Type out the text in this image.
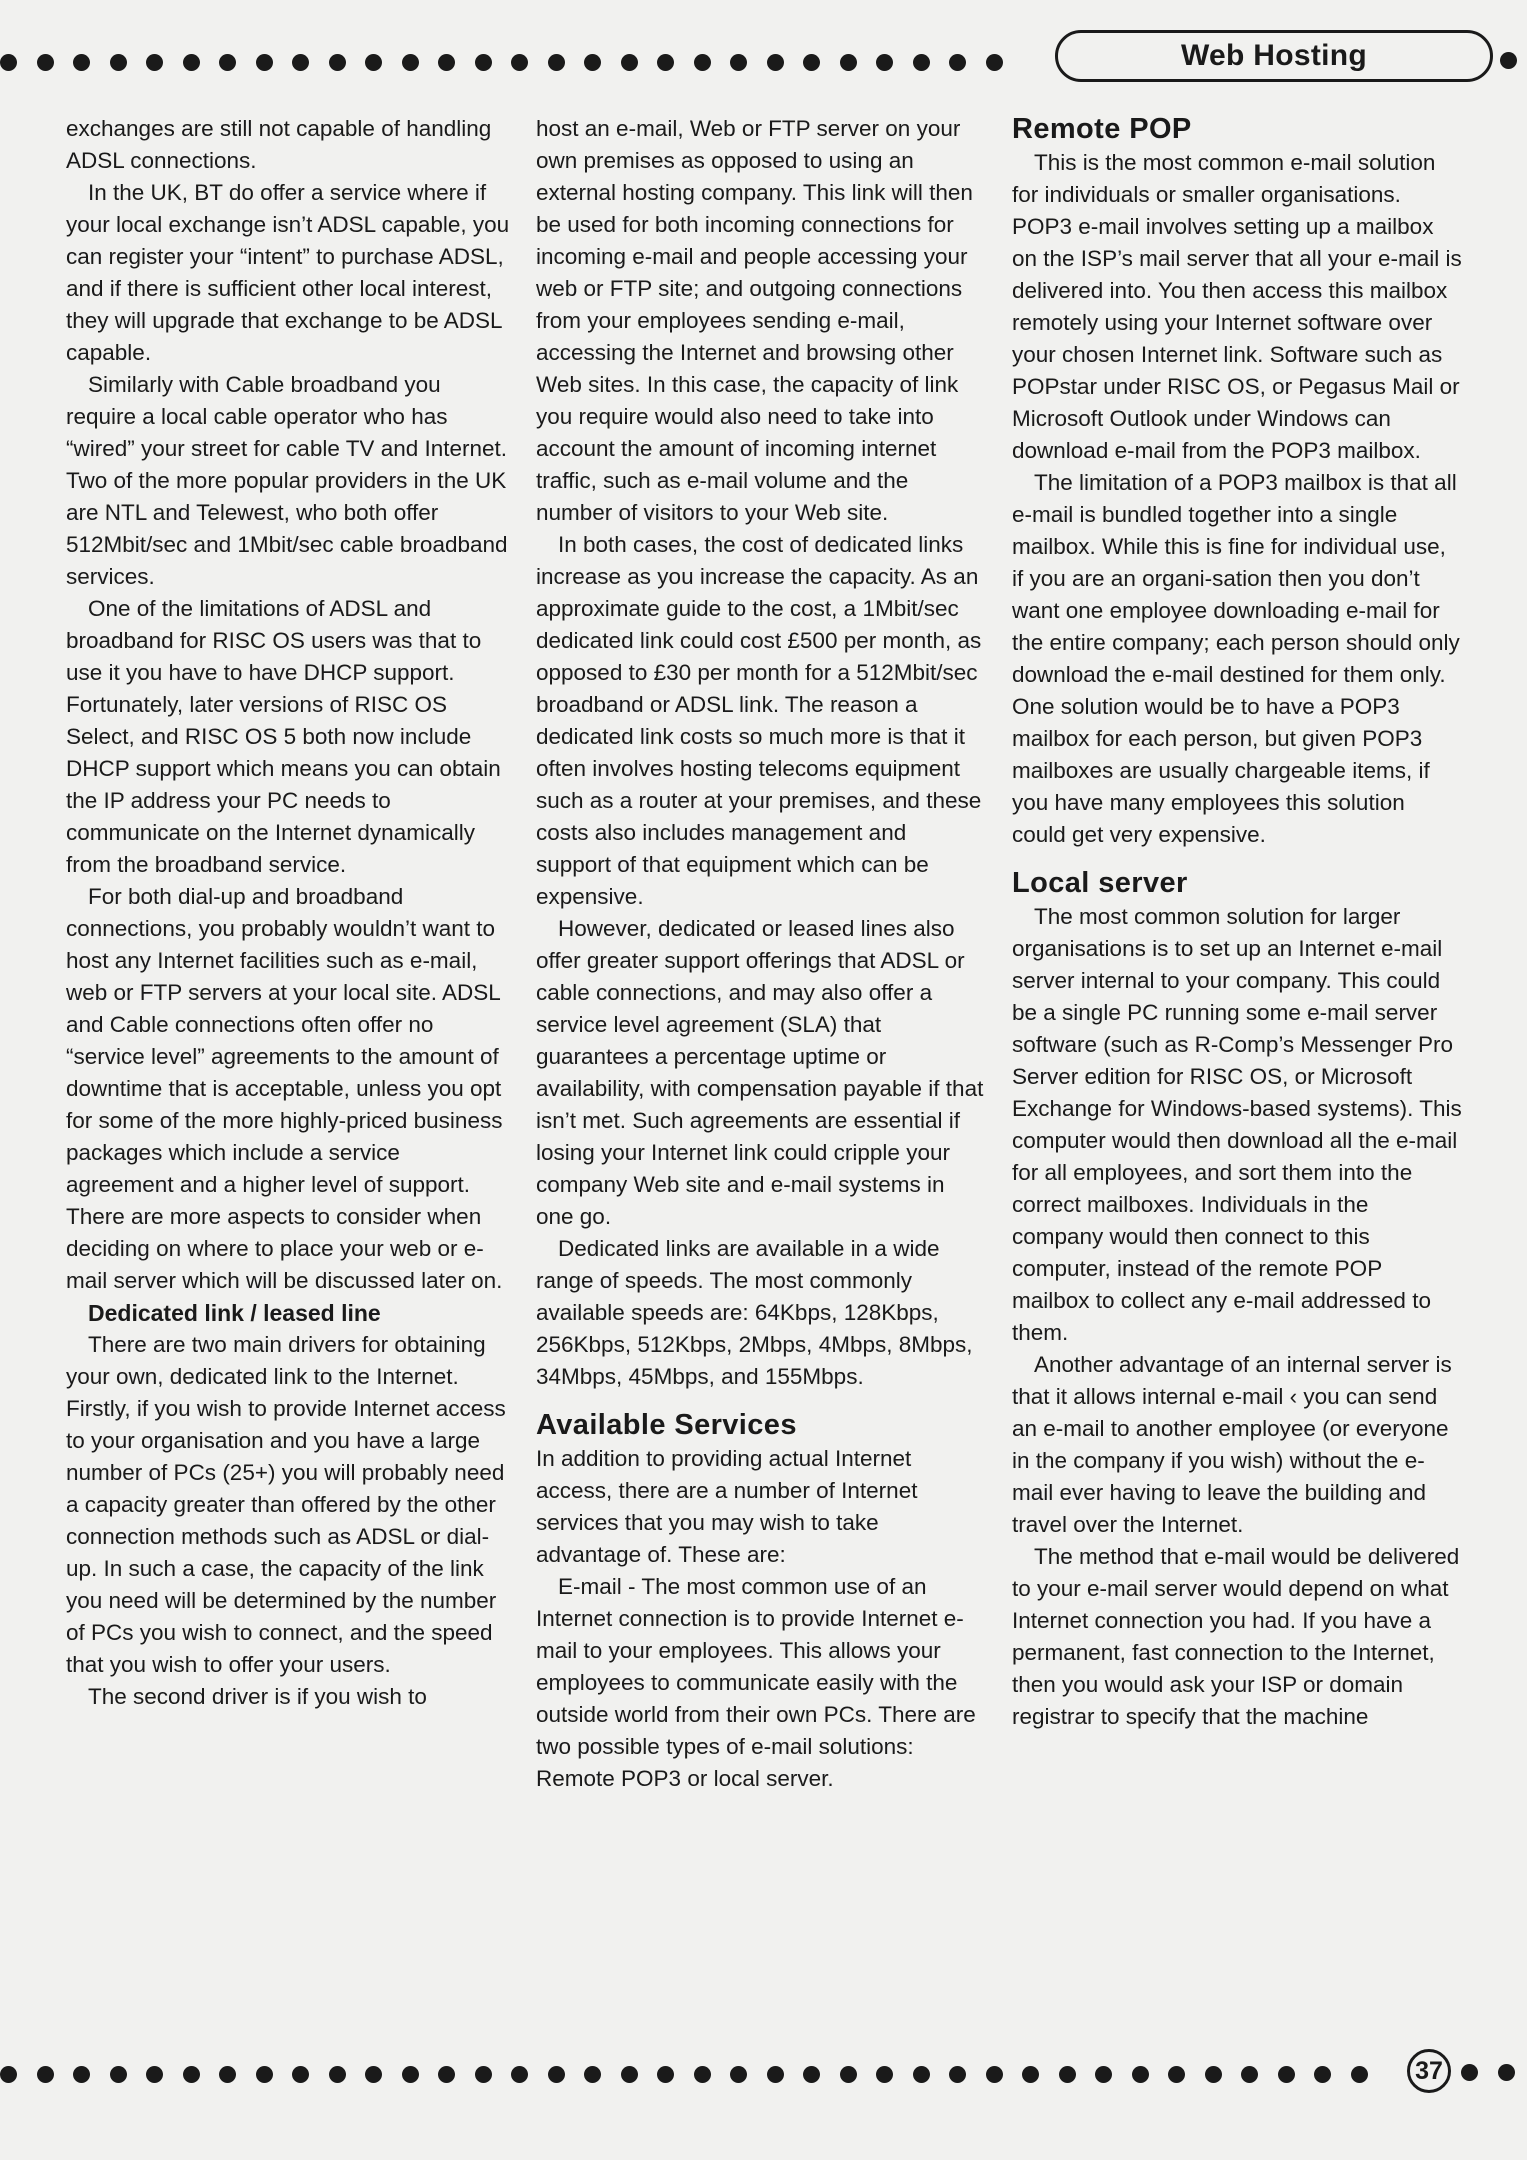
Web Hosting

exchanges are still not capable of handling ADSL connections.

In the UK, BT do offer a service where if your local exchange isn’t ADSL capable, you can register your “intent” to purchase ADSL, and if there is sufficient other local interest, they will upgrade that exchange to be ADSL capable.

Similarly with Cable broadband you require a local cable operator who has “wired” your street for cable TV and Internet. Two of the more popular providers in the UK are NTL and Telewest, who both offer 512Mbit/sec and 1Mbit/sec cable broadband services.

One of the limitations of ADSL and broadband for RISC OS users was that to use it you have to have DHCP support. Fortunately, later versions of RISC OS Select, and RISC OS 5 both now include DHCP support which means you can obtain the IP address your PC needs to communicate on the Internet dynamically from the broadband service.

For both dial-up and broadband connections, you probably wouldn’t want to host any Internet facilities such as e-mail, web or FTP servers at your local site. ADSL and Cable connections often offer no “service level” agreements to the amount of downtime that is acceptable, unless you opt for some of the more highly-priced business packages which include a service agreement and a higher level of support. There are more aspects to consider when deciding on where to place your web or e-mail server which will be discussed later on.

Dedicated link / leased line

There are two main drivers for obtaining your own, dedicated link to the Internet. Firstly, if you wish to provide Internet access to your organisation and you have a large number of PCs (25+) you will probably need a capacity greater than offered by the other connection methods such as ADSL or dial-up. In such a case, the capacity of the link you need will be determined by the number of PCs you wish to connect, and the speed that you wish to offer your users.

The second driver is if you wish to

host an e-mail, Web or FTP server on your own premises as opposed to using an external hosting company. This link will then be used for both incoming connections for incoming e-mail and people accessing your web or FTP site; and outgoing connections from your employees sending e-mail, accessing the Internet and browsing other Web sites. In this case, the capacity of link you require would also need to take into account the amount of incoming internet traffic, such as e-mail volume and the number of visitors to your Web site.

In both cases, the cost of dedicated links increase as you increase the capacity. As an approximate guide to the cost, a 1Mbit/sec dedicated link could cost £500 per month, as opposed to £30 per month for a 512Mbit/sec broadband or ADSL link. The reason a dedicated link costs so much more is that it often involves hosting telecoms equipment such as a router at your premises, and these costs also includes management and support of that equipment which can be expensive.

However, dedicated or leased lines also offer greater support offerings that ADSL or cable connections, and may also offer a service level agreement (SLA) that guarantees a percentage uptime or availability, with compensation payable if that isn’t met. Such agreements are essential if losing your Internet link could cripple your company Web site and e-mail systems in one go.

Dedicated links are available in a wide range of speeds. The most commonly available speeds are: 64Kbps, 128Kbps, 256Kbps, 512Kbps, 2Mbps, 4Mbps, 8Mbps, 34Mbps, 45Mbps, and 155Mbps.

Available Services

In addition to providing actual Internet access, there are a number of Internet services that you may wish to take advantage of. These are:

E-mail - The most common use of an Internet connection is to provide Internet e-mail to your employees. This allows your employees to communicate easily with the outside world from their own PCs. There are two possible types of e-mail solutions: Remote POP3 or local server.

Remote POP

This is the most common e-mail solution for individuals or smaller organisations. POP3 e-mail involves setting up a mailbox on the ISP’s mail server that all your e-mail is delivered into. You then access this mailbox remotely using your Internet software over your chosen Internet link. Software such as POPstar under RISC OS, or Pegasus Mail or Microsoft Outlook under Windows can download e-mail from the POP3 mailbox.

The limitation of a POP3 mailbox is that all e-mail is bundled together into a single mailbox. While this is fine for individual use, if you are an organi-sation then you don’t want one employee downloading e-mail for the entire company; each person should only download the e-mail destined for them only. One solution would be to have a POP3 mailbox for each person, but given POP3 mailboxes are usually chargeable items, if you have many employees this solution could get very expensive.

Local server

The most common solution for larger organisations is to set up an Internet e-mail server internal to your company. This could be a single PC running some e-mail server software (such as R-Comp’s Messenger Pro Server edition for RISC OS, or Microsoft Exchange for Windows-based systems). This computer would then download all the e-mail for all employees, and sort them into the correct mailboxes. Individuals in the company would then connect to this computer, instead of the remote POP mailbox to collect any e-mail addressed to them.

Another advantage of an internal server is that it allows internal e-mail ‹ you can send an e-mail to another employee (or everyone in the company if you wish) without the e-mail ever having to leave the building and travel over the Internet.

The method that e-mail would be delivered to your e-mail server would depend on what Internet connection you had. If you have a permanent, fast connection to the Internet, then you would ask your ISP or domain registrar to specify that the machine

37
